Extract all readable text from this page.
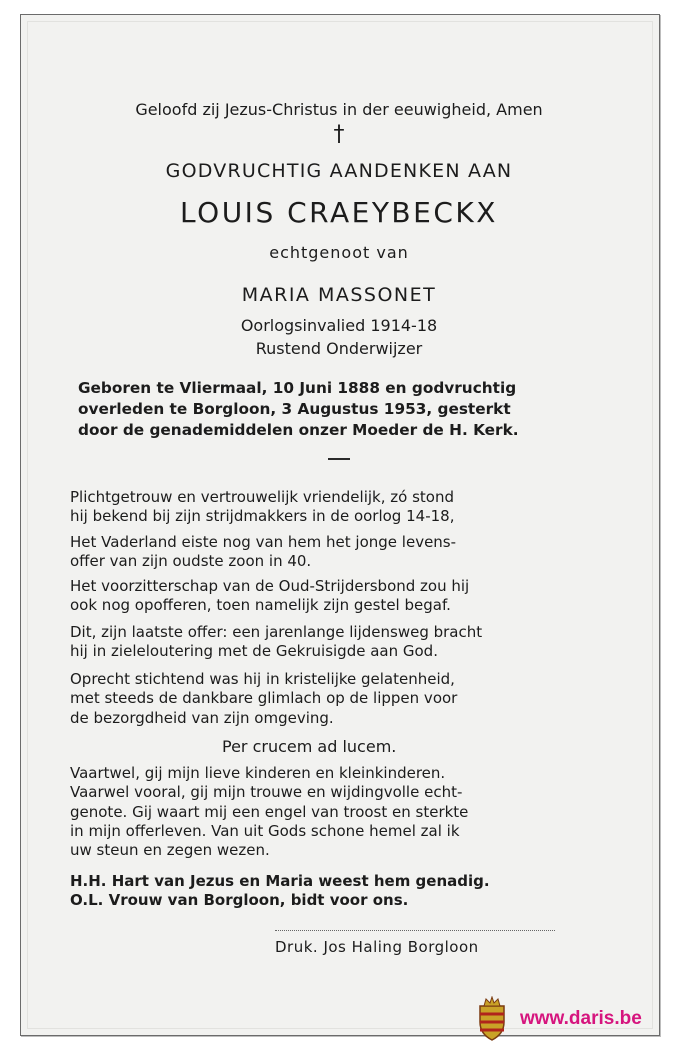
Geloofd zij Jezus-Christus in der eeuwigheid, Amen
†
GODVRUCHTIG AANDENKEN AAN
LOUIS CRAEYBECKX
echtgenoot van
MARIA MASSONET
Oorlogsinvalied 1914-18
Rustend Onderwijzer
Geboren te Vliermaal, 10 Juni 1888 en godvruchtig
overleden te Borgloon, 3 Augustus 1953, gesterkt
door de genademiddelen onzer Moeder de H. Kerk.
Plichtgetrouw en vertrouwelijk vriendelijk, zó stond
hij bekend bij zijn strijdmakkers in de oorlog 14-18,
Het Vaderland eiste nog van hem het jonge levens-
offer van zijn oudste zoon in 40.
Het voorzitterschap van de Oud-Strijdersbond zou hij
ook nog opofferen, toen namelijk zijn gestel begaf.
Dit, zijn laatste offer: een jarenlange lijdensweg bracht
hij in zieleloutering met de Gekruisigde aan God.
Oprecht stichtend was hij in kristelijke gelatenheid,
met steeds de dankbare glimlach op de lippen voor
de bezorgdheid van zijn omgeving.
Per crucem ad lucem.
Vaartwel, gij mijn lieve kinderen en kleinkinderen.
Vaarwel vooral, gij mijn trouwe en wijdingvolle echt-
genote. Gij waart mij een engel van troost en sterkte
in mijn offerleven. Van uit Gods schone hemel zal ik
uw steun en zegen wezen.
H.H. Hart van Jezus en Maria weest hem genadig.
O.L. Vrouw van Borgloon, bidt voor ons.
Druk. Jos Haling Borgloon
www.daris.be
